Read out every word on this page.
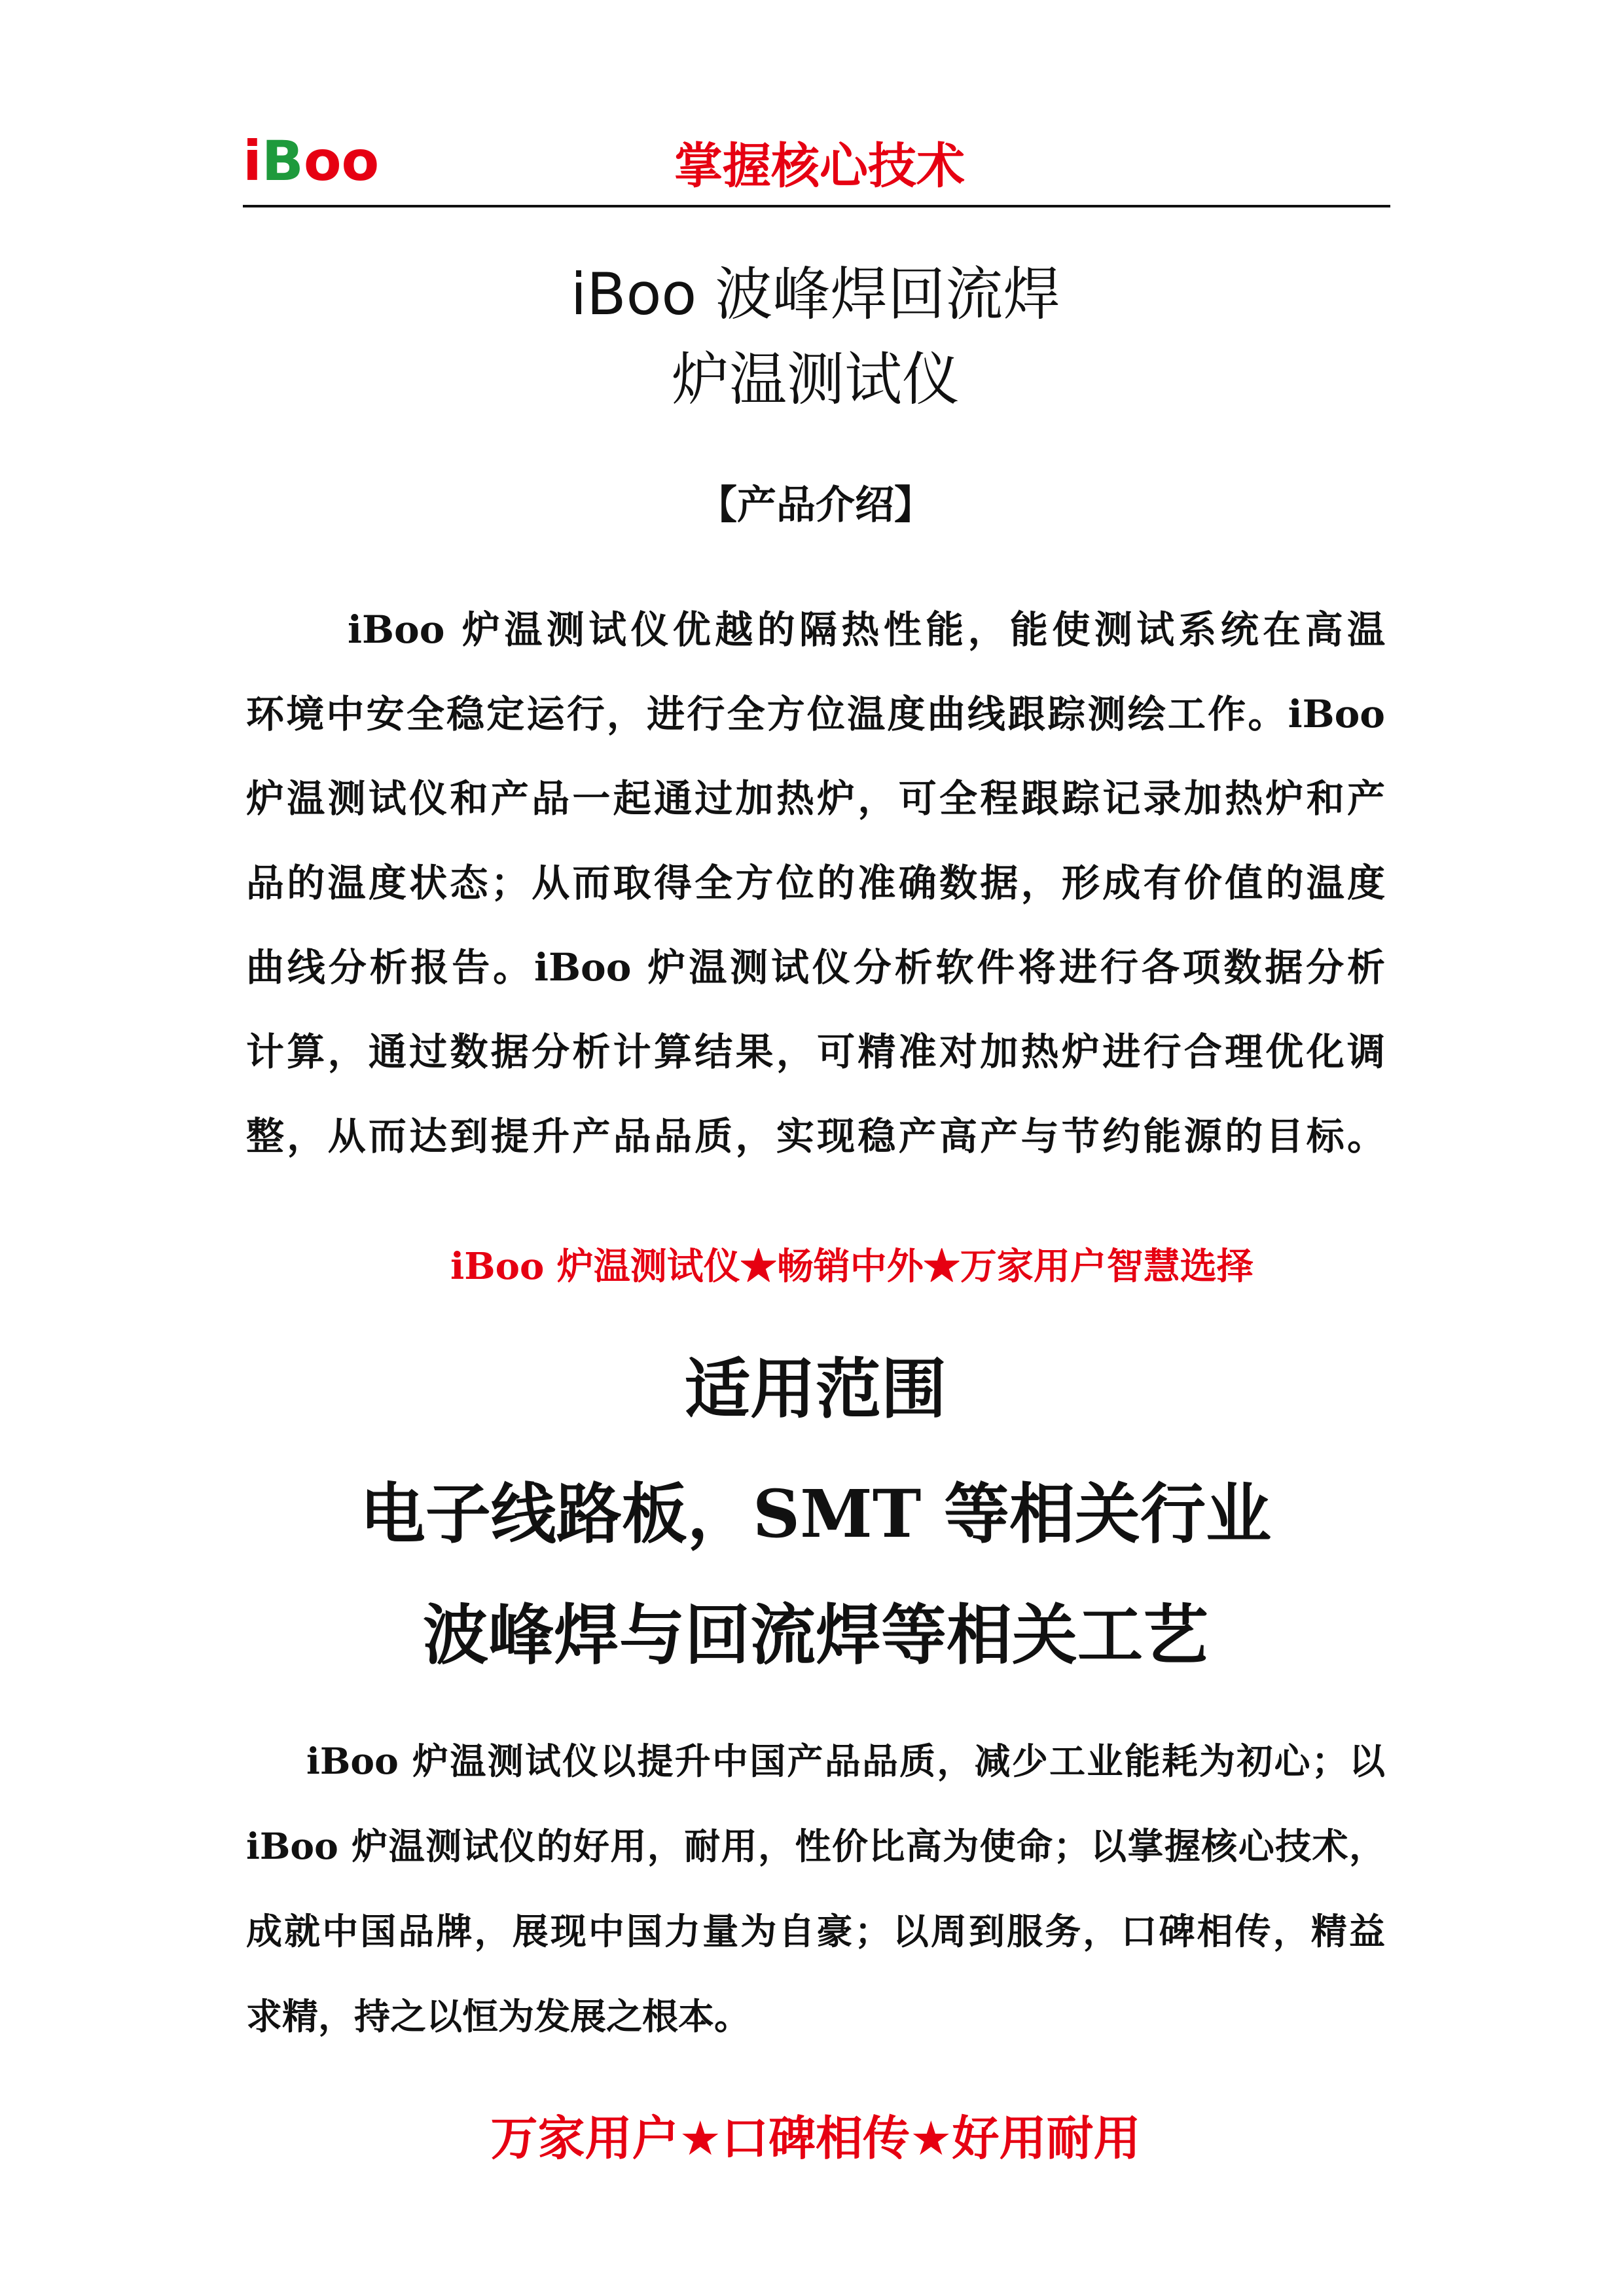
iBoo	掌握核心技术
iBoo 波峰焊回流焊
炉温测试仪
【产品介绍】
iBoo 炉温测试仪优越的隔热性能，能使测试系统在高温
环境中安全稳定运行，进行全方位温度曲线跟踪测绘工作。iBoo
炉温测试仪和产品一起通过加热炉，可全程跟踪记录加热炉和产
品的温度状态；从而取得全方位的准确数据，形成有价值的温度
曲线分析报告。iBoo 炉温测试仪分析软件将进行各项数据分析
计算，通过数据分析计算结果，可精准对加热炉进行合理优化调
整，从而达到提升产品品质，实现稳产高产与节约能源的目标。
iBoo 炉温测试仪★畅销中外★万家用户智慧选择
适用范围
电子线路板，SMT 等相关行业
波峰焊与回流焊等相关工艺
iBoo 炉温测试仪以提升中国产品品质，减少工业能耗为初心；以
iBoo 炉温测试仪的好用，耐用，性价比高为使命；以掌握核心技术，
成就中国品牌，展现中国力量为自豪；以周到服务，口碑相传，精益
求精，持之以恒为发展之根本。
万家用户★口碑相传★好用耐用
